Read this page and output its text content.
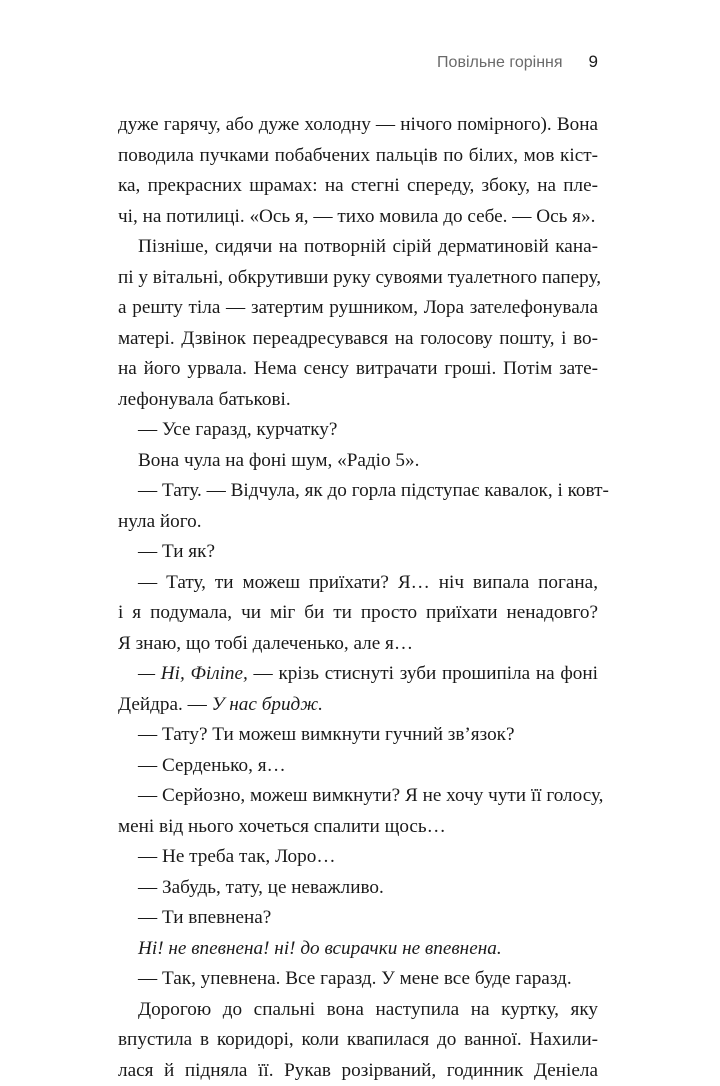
Повільне горіння 9
дуже гарячу, або дуже холодну — нічого помірного). Вона
поводила пучками побабчених пальців по білих, мов кіст-
ка, прекрасних шрамах: на стегні спереду, збоку, на пле-
чі, на потилиці. «Ось я, — тихо мовила до себе. — Ось я».
Пізніше, сидячи на потворній сірій дерматиновій кана-
пі у вітальні, обкрутивши руку сувоями туалетного паперу,
а решту тіла — затертим рушником, Лора зателефонувала
матері. Дзвінок переадресувався на голосову пошту, і во-
на його урвала. Нема сенсу витрачати гроші. Потім зате-
лефонувала батькові.
— Усе гаразд, курчатку?
Вона чула на фоні шум, «Радіо 5».
— Тату. — Відчула, як до горла підступає кавалок, і ковт-
нула його.
— Ти як?
— Тату, ти можеш приїхати? Я… ніч випала погана,
і я подумала, чи міг би ти просто приїхати ненадовго?
Я знаю, що тобі далеченько, але я…
— Ні, Філіпе, — крізь стиснуті зуби прошипіла на фоні
Дейдра. — У нас бридж.
— Тату? Ти можеш вимкнути гучний зв’язок?
— Серденько, я…
— Серйозно, можеш вимкнути? Я не хочу чути її голосу,
мені від нього хочеться спалити щось…
— Не треба так, Лоро…
— Забудь, тату, це неважливо.
— Ти впевнена?
Ні! не впевнена! ні! до всирачки не впевнена.
— Так, упевнена. Все гаразд. У мене все буде гаразд.
Дорогою до спальні вона наступила на куртку, яку
впустила в коридорі, коли квапилася до ванної. Нахили-
лася й підняла її. Рукав розірваний, годинник Деніела
